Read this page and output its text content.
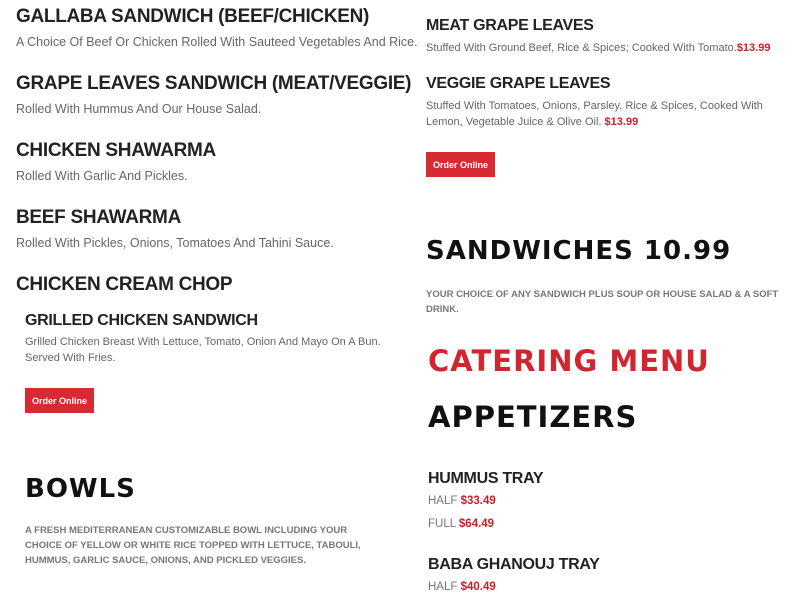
GALLABA SANDWICH (BEEF/CHICKEN)
A Choice Of Beef Or Chicken Rolled With Sauteed Vegetables And Rice.
GRAPE LEAVES SANDWICH (MEAT/VEGGIE)
Rolled With Hummus And Our House Salad.
CHICKEN SHAWARMA
Rolled With Garlic And Pickles.
BEEF SHAWARMA
Rolled With Pickles, Onions, Tomatoes And Tahini Sauce.
CHICKEN CREAM CHOP
GRILLED CHICKEN SANDWICH
Grilled Chicken Breast With Lettuce, Tomato, Onion And Mayo On A Bun. Served With Fries.
Order Online
BOWLS
A FRESH MEDITERRANEAN CUSTOMIZABLE BOWL INCLUDING YOUR CHOICE OF YELLOW OR WHITE RICE TOPPED WITH LETTUCE, TABOULI, HUMMUS, GARLIC SAUCE, ONIONS, AND PICKLED VEGGIES.
MEAT GRAPE LEAVES
Stuffed With Ground Beef, Rice & Spices; Cooked With Tomato.$13.99
VEGGIE GRAPE LEAVES
Stuffed With Tomatoes, Onions, Parsley, Rice & Spices, Cooked With Lemon, Vegetable Juice & Olive Oil. $13.99
Order Online
SANDWICHES 10.99
YOUR CHOICE OF ANY SANDWICH PLUS SOUP OR HOUSE SALAD & A SOFT DRINK.
CATERING MENU
APPETIZERS
HUMMUS TRAY
HALF $33.49
FULL $64.49
BABA GHANOUJ TRAY
HALF $40.49
